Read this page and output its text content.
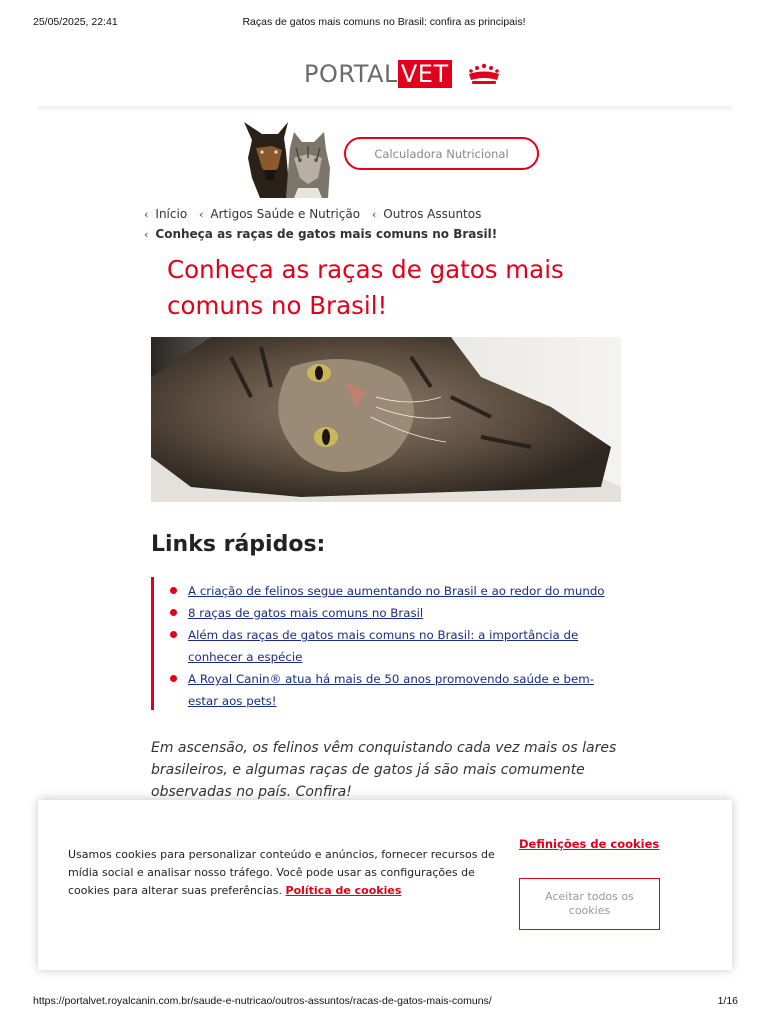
25/05/2025, 22:41	Raças de gatos mais comuns no Brasil: confira as principais!
PORTAL VET
Calculadora Nutricional
‹ Início ‹ Artigos Saúde e Nutrição ‹ Outros Assuntos
‹ Conheça as raças de gatos mais comuns no Brasil!
Conheça as raças de gatos mais comuns no Brasil!
Links rápidos:
A criação de felinos segue aumentando no Brasil e ao redor do mundo
8 raças de gatos mais comuns no Brasil
Além das raças de gatos mais comuns no Brasil: a importância de conhecer a espécie
A Royal Canin® atua há mais de 50 anos promovendo saúde e bem-estar aos pets!

Em ascensão, os felinos vêm conquistando cada vez mais os lares brasileiros, e algumas raças de gatos já são mais comumente observadas no país. Confira!

Usamos cookies para personalizar conteúdo e anúncios, fornecer recursos de mídia social e analisar nosso tráfego. Você pode usar as configurações de cookies para alterar suas preferências. Política de cookies

Definições de cookies
Aceitar todos os cookies
https://portalvet.royalcanin.com.br/saude-e-nutricao/outros-assuntos/racas-de-gatos-mais-comuns/	1/16
